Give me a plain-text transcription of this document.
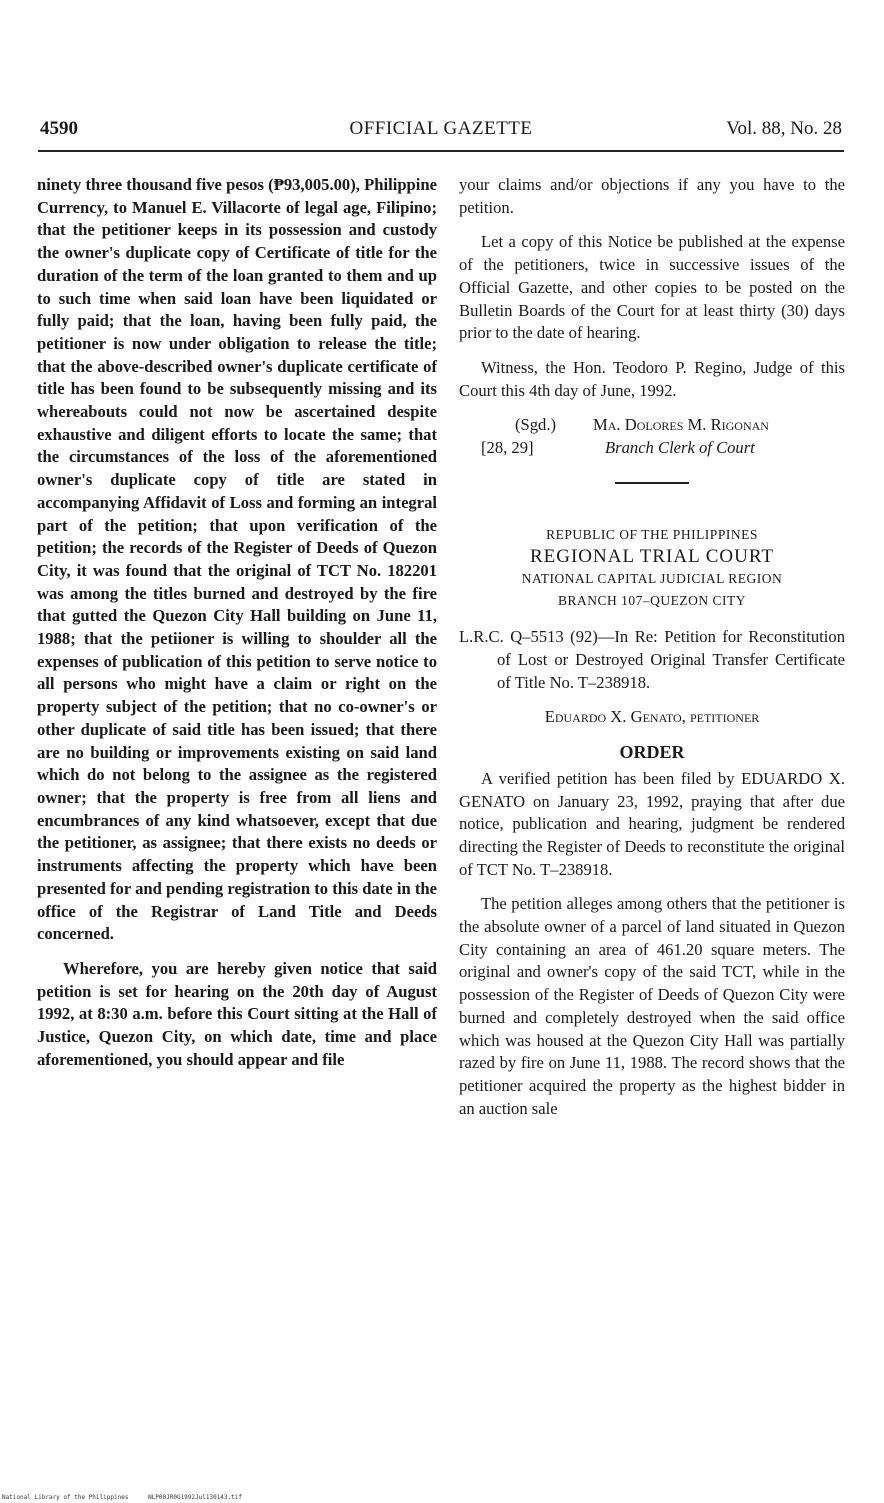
4590	OFFICIAL GAZETTE	Vol. 88, No. 28

ninety three thousand five pesos (₱93,005.00), Philippine Currency, to Manuel E. Villacorte of legal age, Filipino; that the petitioner keeps in its possession and custody the owner's duplicate copy of Certificate of title for the duration of the term of the loan granted to them and up to such time when said loan have been liquidated or fully paid; that the loan, having been fully paid, the petitioner is now under obligation to release the title; that the above-described owner's duplicate certificate of title has been found to be subsequently missing and its whereabouts could not now be ascertained despite exhaustive and diligent efforts to locate the same; that the circumstances of the loss of the aforementioned owner's duplicate copy of title are stated in accompanying Affidavit of Loss and forming an integral part of the petition; that upon verification of the petition; the records of the Register of Deeds of Quezon City, it was found that the original of TCT No. 182201 was among the titles burned and destroyed by the fire that gutted the Quezon City Hall building on June 11, 1988; that the petiioner is willing to shoulder all the expenses of publication of this petition to serve notice to all persons who might have a claim or right on the property subject of the petition; that no co-owner's or other duplicate of said title has been issued; that there are no building or improvements existing on said land which do not belong to the assignee as the registered owner; that the property is free from all liens and encumbrances of any kind whatsoever, except that due the petitioner, as assignee; that there exists no deeds or instruments affecting the property which have been presented for and pending registration to this date in the office of the Registrar of Land Title and Deeds concerned.

Wherefore, you are hereby given notice that said petition is set for hearing on the 20th day of August 1992, at 8:30 a.m. before this Court sitting at the Hall of Justice, Quezon City, on which date, time and place aforementioned, you should appear and file

your claims and/or objections if any you have to the petition.

Let a copy of this Notice be published at the expense of the petitioners, twice in successive issues of the Official Gazette, and other copies to be posted on the Bulletin Boards of the Court for at least thirty (30) days prior to the date of hearing.

Witness, the Hon. Teodoro P. Regino, Judge of this Court this 4th day of June, 1992.

(Sgd.) Ma. Dolores M. Rigonan
[28, 29]	Branch Clerk of Court

REPUBLIC OF THE PHILIPPINES

REGIONAL TRIAL COURT

NATIONAL CAPITAL JUDICIAL REGION

BRANCH 107–QUEZON CITY

L.R.C. Q–5513 (92)—In Re: Petition for Reconstitution of Lost or Destroyed Original Transfer Certificate of Title No. T–238918.

Eduardo X. Genato, petitioner

ORDER

A verified petition has been filed by EDUARDO X. GENATO on January 23, 1992, praying that after due notice, publication and hearing, judgment be rendered directing the Register of Deeds to reconstitute the original of TCT No. T–238918.

The petition alleges among others that the petitioner is the absolute owner of a parcel of land situated in Quezon City containing an area of 461.20 square meters. The original and owner's copy of the said TCT, while in the possession of the Register of Deeds of Quezon City were burned and completely destroyed when the said office which was housed at the Quezon City Hall was partially razed by fire on June 11, 1988. The record shows that the petitioner acquired the property as the highest bidder in an auction sale

National Library of the Philippines	NLP00JR0G1992Jul130143.tif
